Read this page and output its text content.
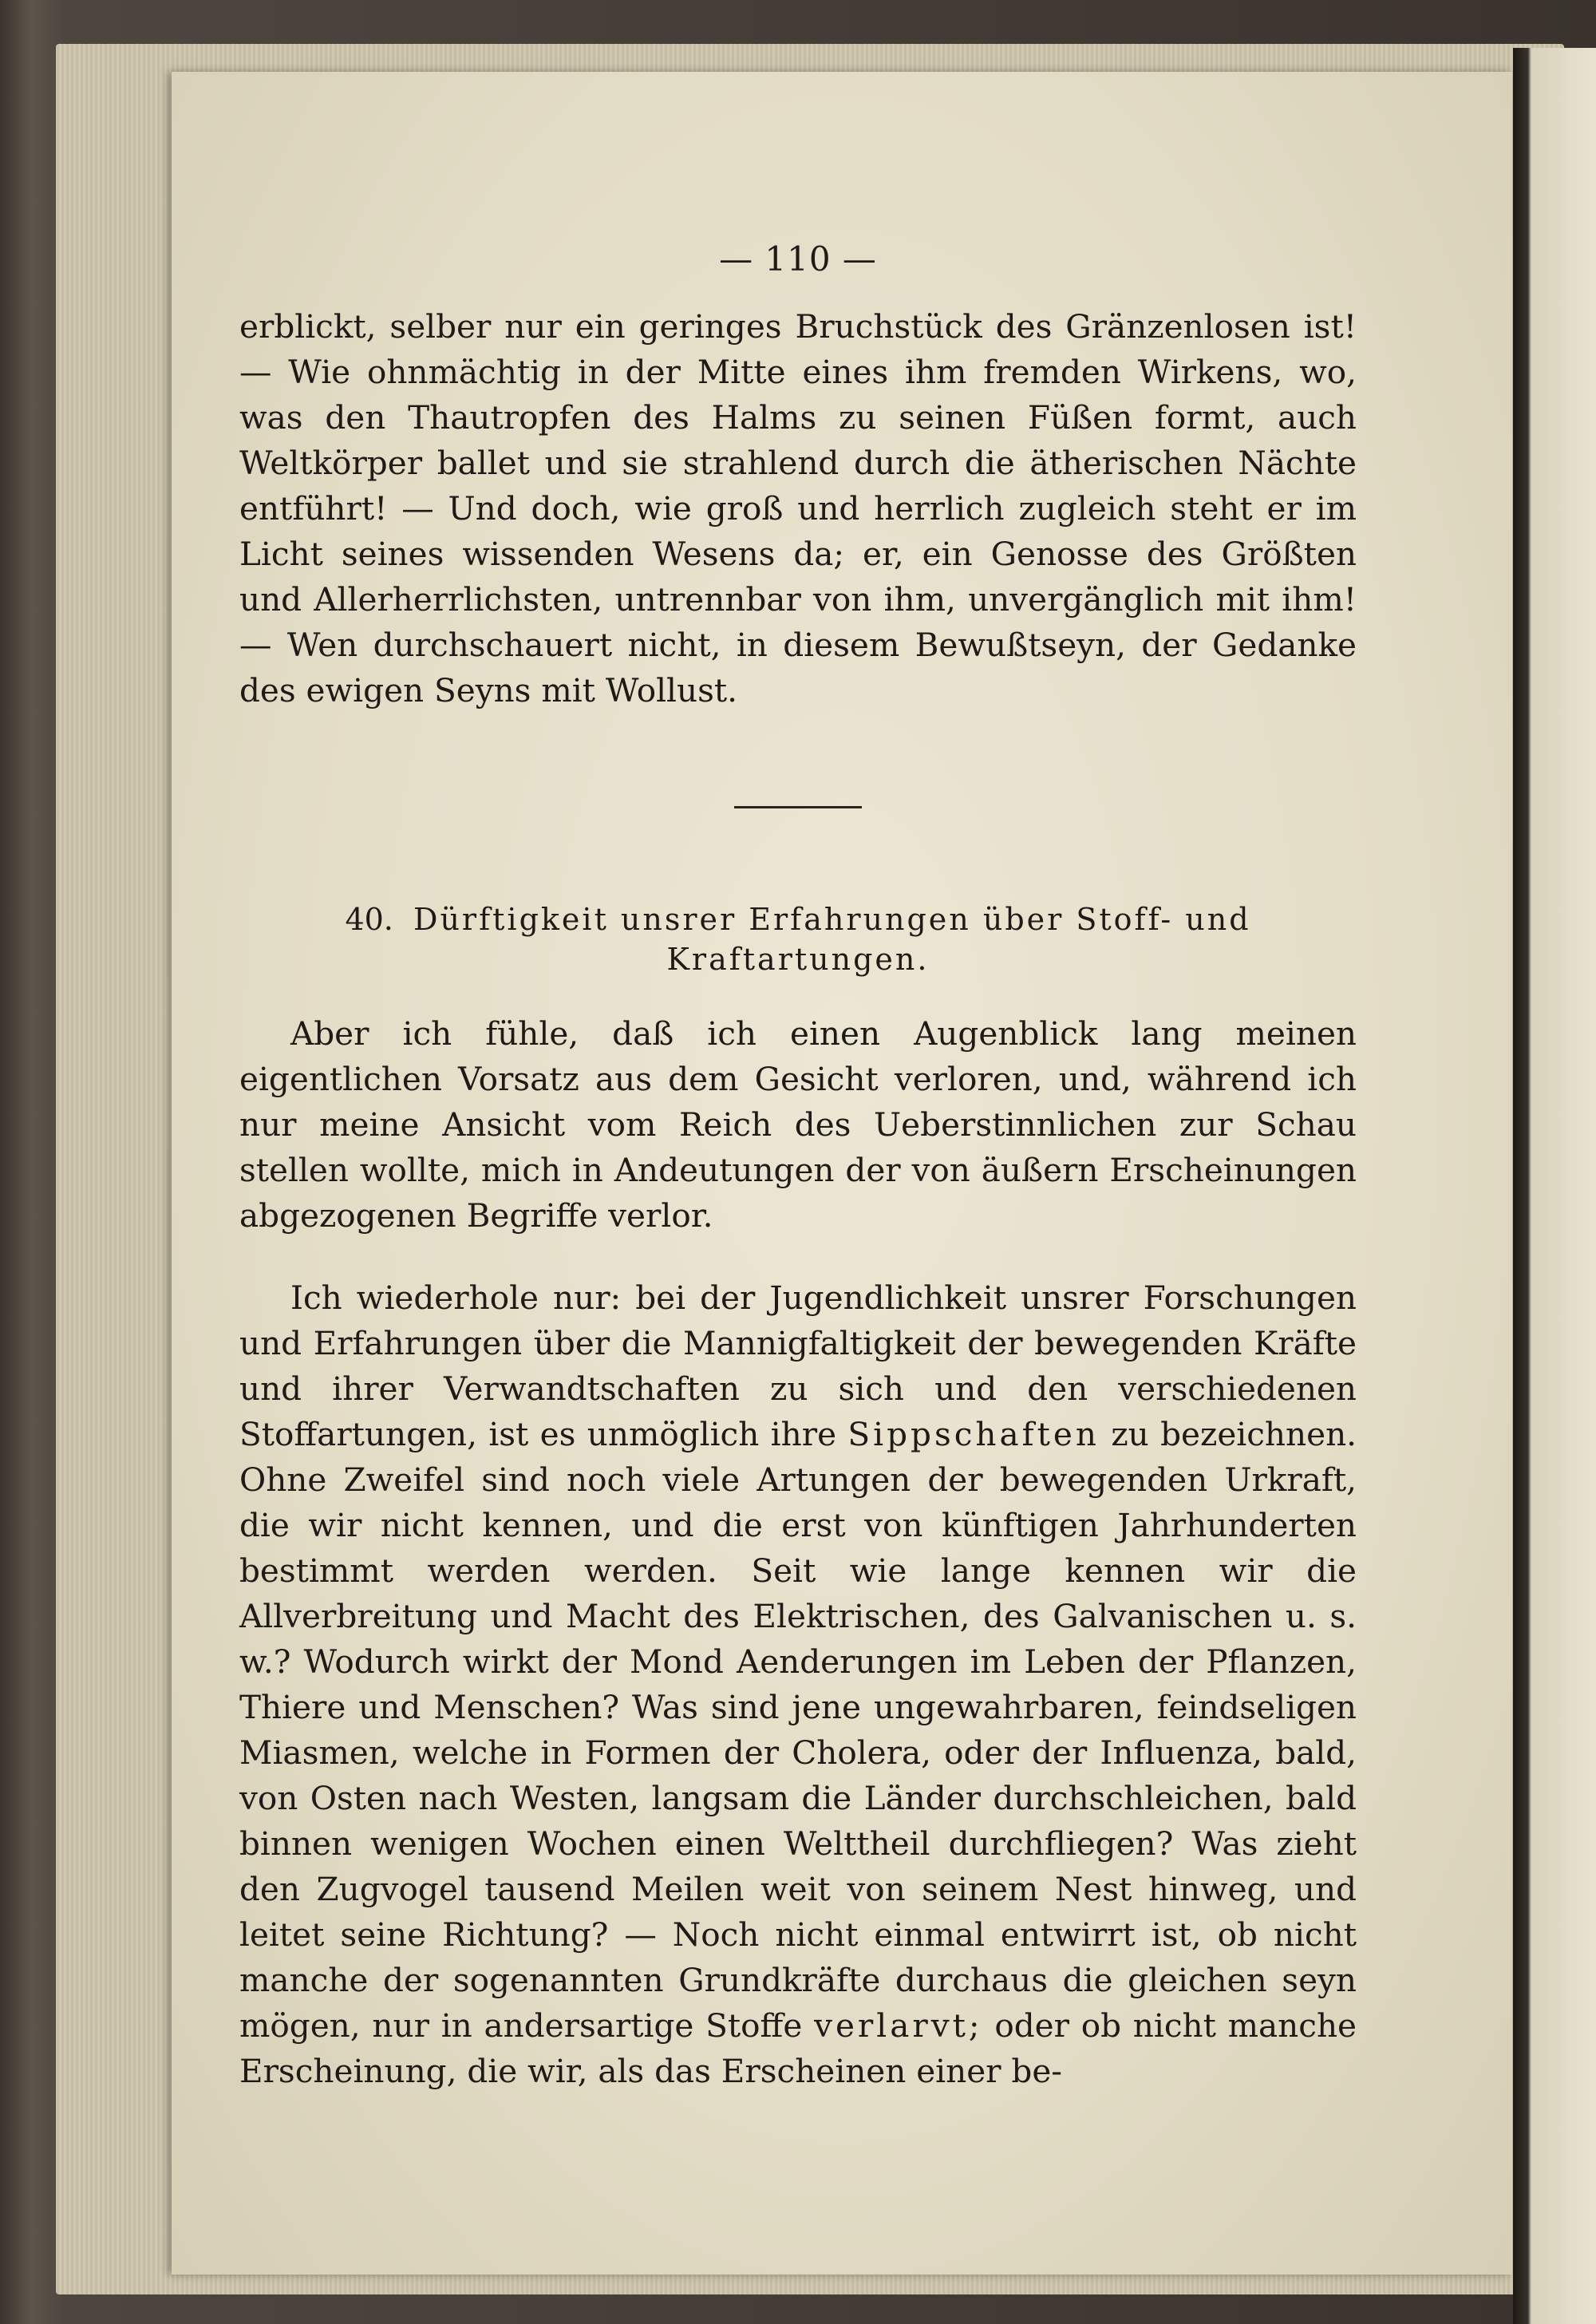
— 110 —

erblickt, selber nur ein geringes Bruchstück des Gränzenlosen ist! — Wie ohnmächtig in der Mitte eines ihm fremden Wirkens, wo, was den Thautropfen des Halms zu seinen Füßen formt, auch Weltkörper ballet und sie strahlend durch die ätherischen Nächte entführt! — Und doch, wie groß und herrlich zugleich steht er im Licht seines wissenden Wesens da; er, ein Genosse des Größten und Allerherrlichsten, untrennbar von ihm, unvergänglich mit ihm! — Wen durchschauert nicht, in diesem Bewußtseyn, der Gedanke des ewigen Seyns mit Wollust.

40. Dürftigkeit unsrer Erfahrungen über Stoff- und Kraftartungen.

Aber ich fühle, daß ich einen Augenblick lang meinen eigentlichen Vorsatz aus dem Gesicht verloren, und, während ich nur meine Ansicht vom Reich des Ueberstinnlichen zur Schau stellen wollte, mich in Andeutungen der von äußern Erscheinungen abgezogenen Begriffe verlor.

Ich wiederhole nur: bei der Jugendlichkeit unsrer Forschungen und Erfahrungen über die Mannigfaltigkeit der bewegenden Kräfte und ihrer Verwandtschaften zu sich und den verschiedenen Stoffartungen, ist es unmöglich ihre Sippschaften zu bezeichnen. Ohne Zweifel sind noch viele Artungen der bewegenden Urkraft, die wir nicht kennen, und die erst von künftigen Jahrhunderten bestimmt werden werden. Seit wie lange kennen wir die Allverbreitung und Macht des Elektrischen, des Galvanischen u. s. w.? Wodurch wirkt der Mond Aenderungen im Leben der Pflanzen, Thiere und Menschen? Was sind jene ungewahrbaren, feindseligen Miasmen, welche in Formen der Cholera, oder der Influenza, bald, von Osten nach Westen, langsam die Länder durchschleichen, bald binnen wenigen Wochen einen Welttheil durchfliegen? Was zieht den Zugvogel tausend Meilen weit von seinem Nest hinweg, und leitet seine Richtung? — Noch nicht einmal entwirrt ist, ob nicht manche der sogenannten Grundkräfte durchaus die gleichen seyn mögen, nur in andersartige Stoffe verlarvt; oder ob nicht manche Erscheinung, die wir, als das Erscheinen einer be-
